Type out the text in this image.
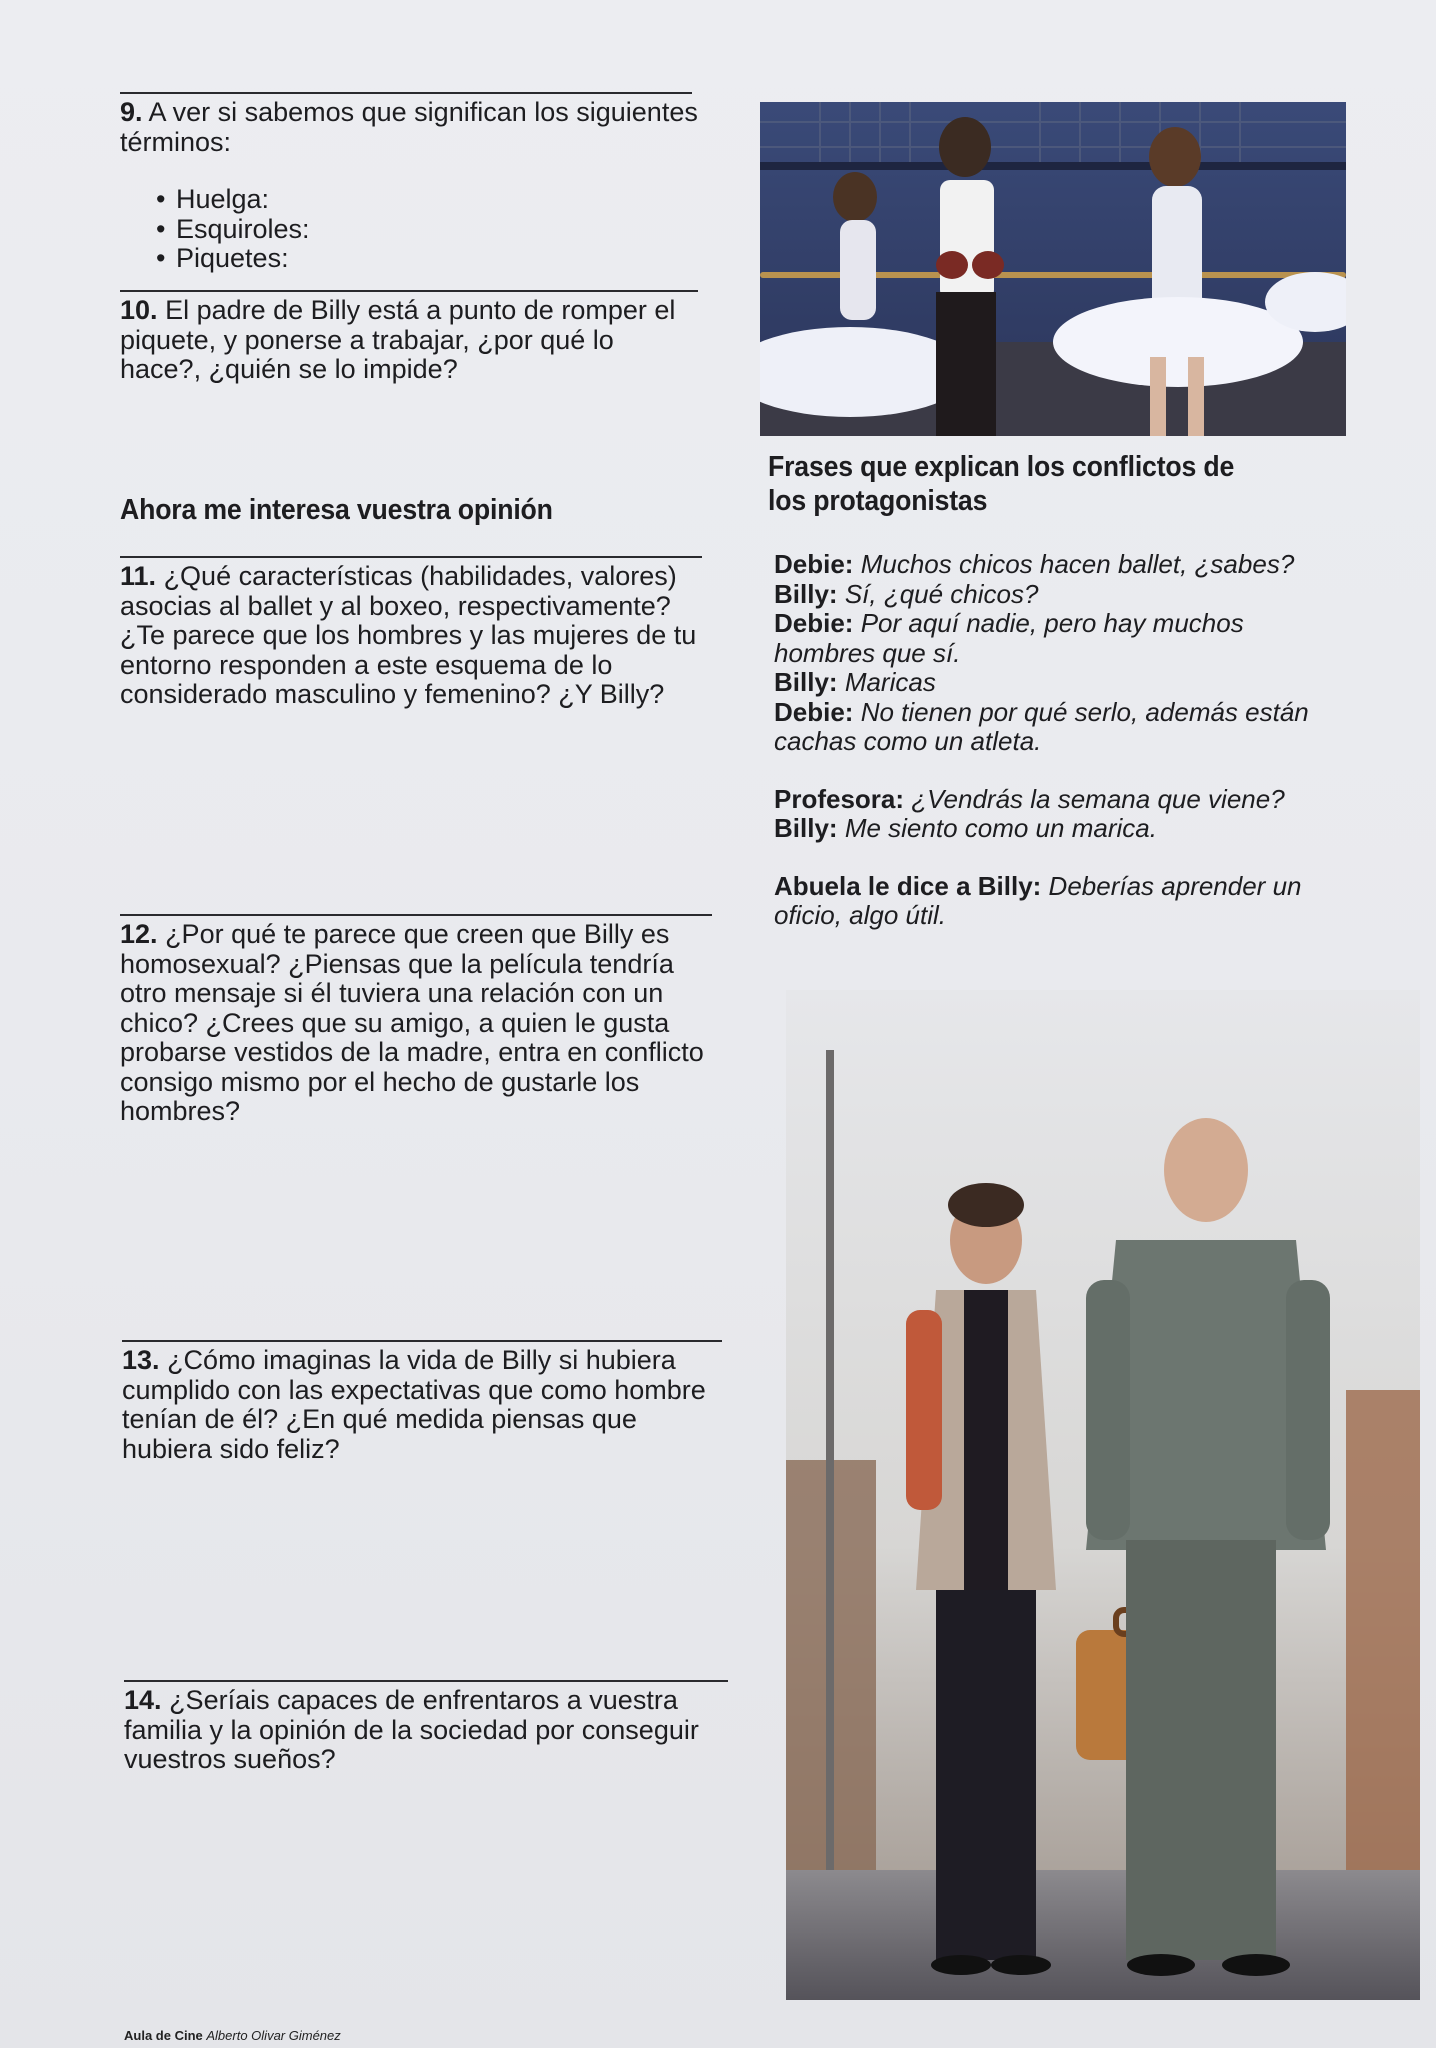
9. A ver si sabemos que significan los siguientes términos:
• Huelga:
• Esquiroles:
• Piquetes:
10. El padre de Billy está a punto de romper el piquete, y ponerse a trabajar, ¿por qué lo hace?, ¿quién se lo impide?
Ahora me interesa vuestra opinión
11. ¿Qué características (habilidades, valores) asocias al ballet y al boxeo, respectivamente? ¿Te parece que los hombres y las mujeres de tu entorno responden a este esquema de lo considerado masculino y femenino? ¿Y Billy?
12. ¿Por qué te parece que creen que Billy es homosexual? ¿Piensas que la película tendría otro mensaje si él tuviera una relación con un chico? ¿Crees que su amigo, a quien le gusta probarse vestidos de la madre, entra en conflicto consigo mismo por el hecho de gustarle los hombres?
13. ¿Cómo imaginas la vida de Billy si hubiera cumplido con las expectativas que como hombre tenían de él? ¿En qué medida piensas que hubiera sido feliz?
14. ¿Seríais capaces de enfrentaros a vuestra familia y la opinión de la sociedad por conseguir vuestros sueños?
Frases que explican los conflictos de los protagonistas

Debie: Muchos chicos hacen ballet, ¿sabes?

Billy: Sí, ¿qué chicos?

Debie: Por aquí nadie, pero hay muchos hombres que sí.

Billy: Maricas

Debie: No tienen por qué serlo, además están cachas como un atleta.

Profesora: ¿Vendrás la semana que viene?

Billy: Me siento como un marica.

Abuela le dice a Billy: Deberías aprender un oficio, algo útil.

Aula de Cine Alberto Olivar Giménez
